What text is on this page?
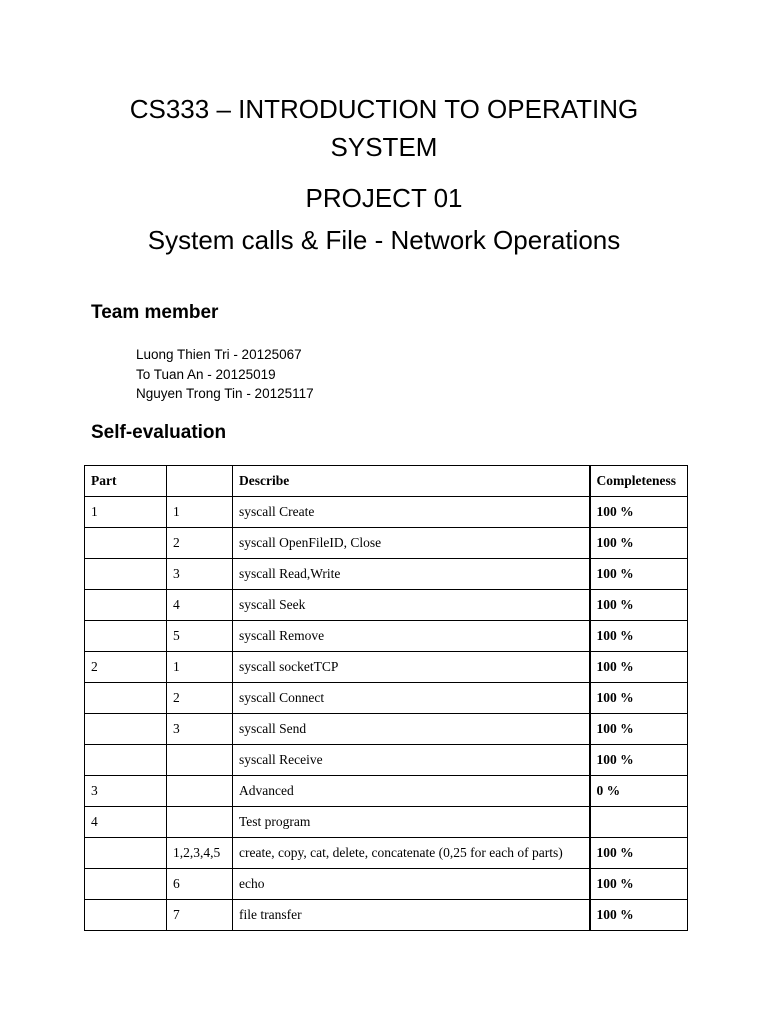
CS333 – INTRODUCTION TO OPERATING
SYSTEM
PROJECT 01
System calls & File - Network Operations
Team member
Luong Thien Tri - 20125067
To Tuan An - 20125019
Nguyen Trong Tin - 20125117
Self-evaluation
Part		Describe	Completeness
1	1	syscall Create	100 %
	2	syscall OpenFileID, Close	100 %
	3	syscall Read,Write	100 %
	4	syscall Seek	100 %
	5	syscall Remove	100 %
2	1	syscall socketTCP	100 %
	2	syscall Connect	100 %
	3	syscall Send	100 %
		syscall Receive	100 %
3		Advanced	0 %
4		Test program	
	1,2,3,4,5	create, copy, cat, delete, concatenate (0,25 for each of parts)	100 %
	6	echo	100 %
	7	file transfer	100 %
